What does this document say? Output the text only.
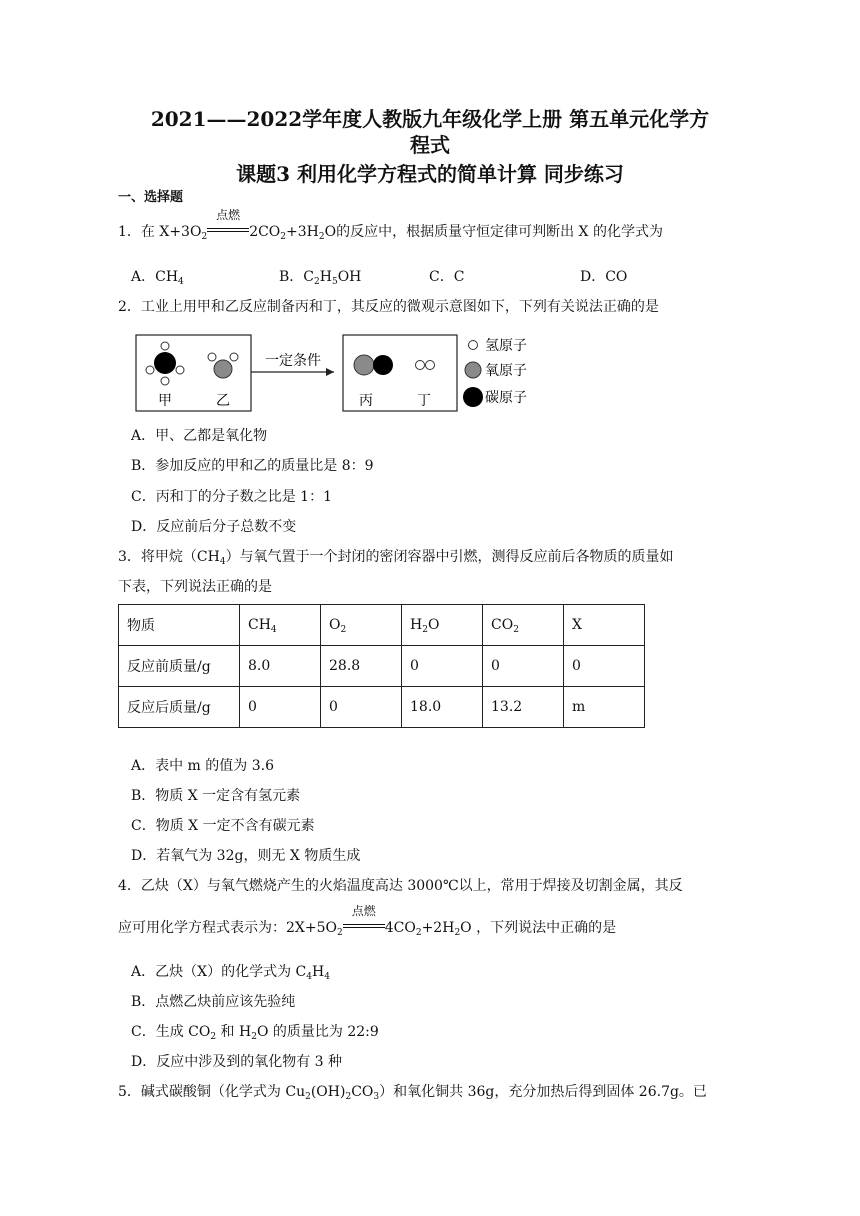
2021——2022学年度人教版九年级化学上册 第五单元化学方
程式
课题3 利用化学方程式的简单计算 同步练习
一、选择题
1．在 $X+3O_2$
点燃
$2CO_2+3H_2O$的反应中，根据质量守恒定律可判断出 X 的化学式为
A．$CH_4$	B．$C_2H_5OH$	C．C	D．CO
2．工业上用甲和乙反应制备丙和丁，其反应的微观示意图如下，下列有关说法正确的是
甲	乙
一定条件
丙	丁
氢原子
氧原子
碳原子
A．甲、乙都是氧化物
B．参加反应的甲和乙的质量比是 8：9
C．丙和丁的分子数之比是 1：1
D．反应前后分子总数不变
3．将甲烷$(CH_4)$与氧气置于一个封闭的密闭容器中引燃，测得反应前后各物质的质量如
下表，下列说法正确的是
物质	$CH_4$	$O_2$	$H_2O$	$CO_2$	X
反应前质量/g	8.0	28.8	0	0	0
反应后质量/g	0	0	18.0	13.2	m
A．表中 m 的值为 3.6
B．物质 X 一定含有氢元素
C．物质 X 一定不含有碳元素
D．若氧气为 32g，则无 X 物质生成
4．乙炔（X）与氧气燃烧产生的火焰温度高达 3000℃以上，常用于焊接及切割金属，其反
应可用化学方程式表示为：$2X+5O_2$
点燃
$4CO_2+2H_2O$ ，下列说法中正确的是
A．乙炔（X）的化学式为 $C_4H_4$
B．点燃乙炔前应该先验纯
C．生成 $CO_2$ 和 $H_2O$ 的质量比为 22:9
D．反应中涉及到的氧化物有 3 种
5．碱式碳酸铜（化学式为 $Cu_2(OH)_2CO_3$）和氧化铜共 36g，充分加热后得到固体 26.7g。已
